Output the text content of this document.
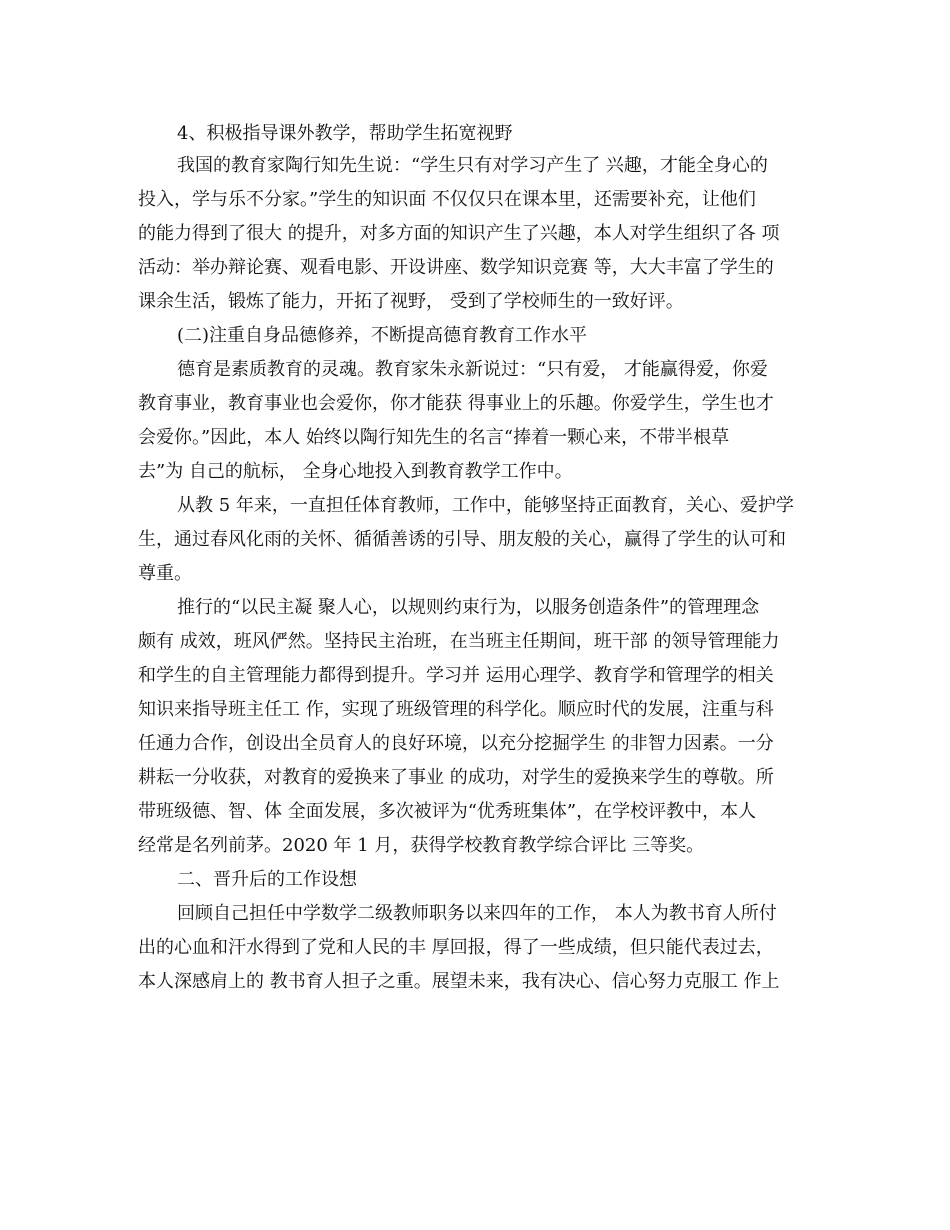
4、积极指导课外教学，帮助学生拓宽视野
我国的教育家陶行知先生说：“学生只有对学习产生了 兴趣，才能全身心的
投入，学与乐不分家。”学生的知识面 不仅仅只在课本里，还需要补充，让他们
的能力得到了很大 的提升，对多方面的知识产生了兴趣，本人对学生组织了各 项
活动：举办辩论赛、观看电影、开设讲座、数学知识竞赛 等，大大丰富了学生的
课余生活，锻炼了能力，开拓了视野， 受到了学校师生的一致好评。
(二)注重自身品德修养，不断提高德育教育工作水平
德育是素质教育的灵魂。教育家朱永新说过：“只有爱， 才能赢得爱，你爱
教育事业，教育事业也会爱你，你才能获 得事业上的乐趣。你爱学生，学生也才
会爱你。”因此，本人 始终以陶行知先生的名言“捧着一颗心来，不带半根草
去”为 自己的航标， 全身心地投入到教育教学工作中。
从教 5 年来，一直担任体育教师，工作中，能够坚持正面教育，关心、爱护学
生，通过春风化雨的关怀、循循善诱的引导、朋友般的关心，赢得了学生的认可和
尊重。
推行的“以民主凝 聚人心，以规则约束行为，以服务创造条件”的管理理念
颇有 成效，班风俨然。坚持民主治班，在当班主任期间，班干部 的领导管理能力
和学生的自主管理能力都得到提升。学习并 运用心理学、教育学和管理学的相关
知识来指导班主任工 作，实现了班级管理的科学化。顺应时代的发展，注重与科
任通力合作，创设出全员育人的良好环境，以充分挖掘学生 的非智力因素。一分
耕耘一分收获，对教育的爱换来了事业 的成功，对学生的爱换来学生的尊敬。所
带班级德、智、体 全面发展，多次被评为“优秀班集体”，在学校评教中，本人
经常是名列前茅。2020 年 1 月，获得学校教育教学综合评比 三等奖。
二、晋升后的工作设想
回顾自己担任中学数学二级教师职务以来四年的工作， 本人为教书育人所付
出的心血和汗水得到了党和人民的丰 厚回报，得了一些成绩，但只能代表过去，
本人深感肩上的 教书育人担子之重。展望未来，我有决心、信心努力克服工 作上
